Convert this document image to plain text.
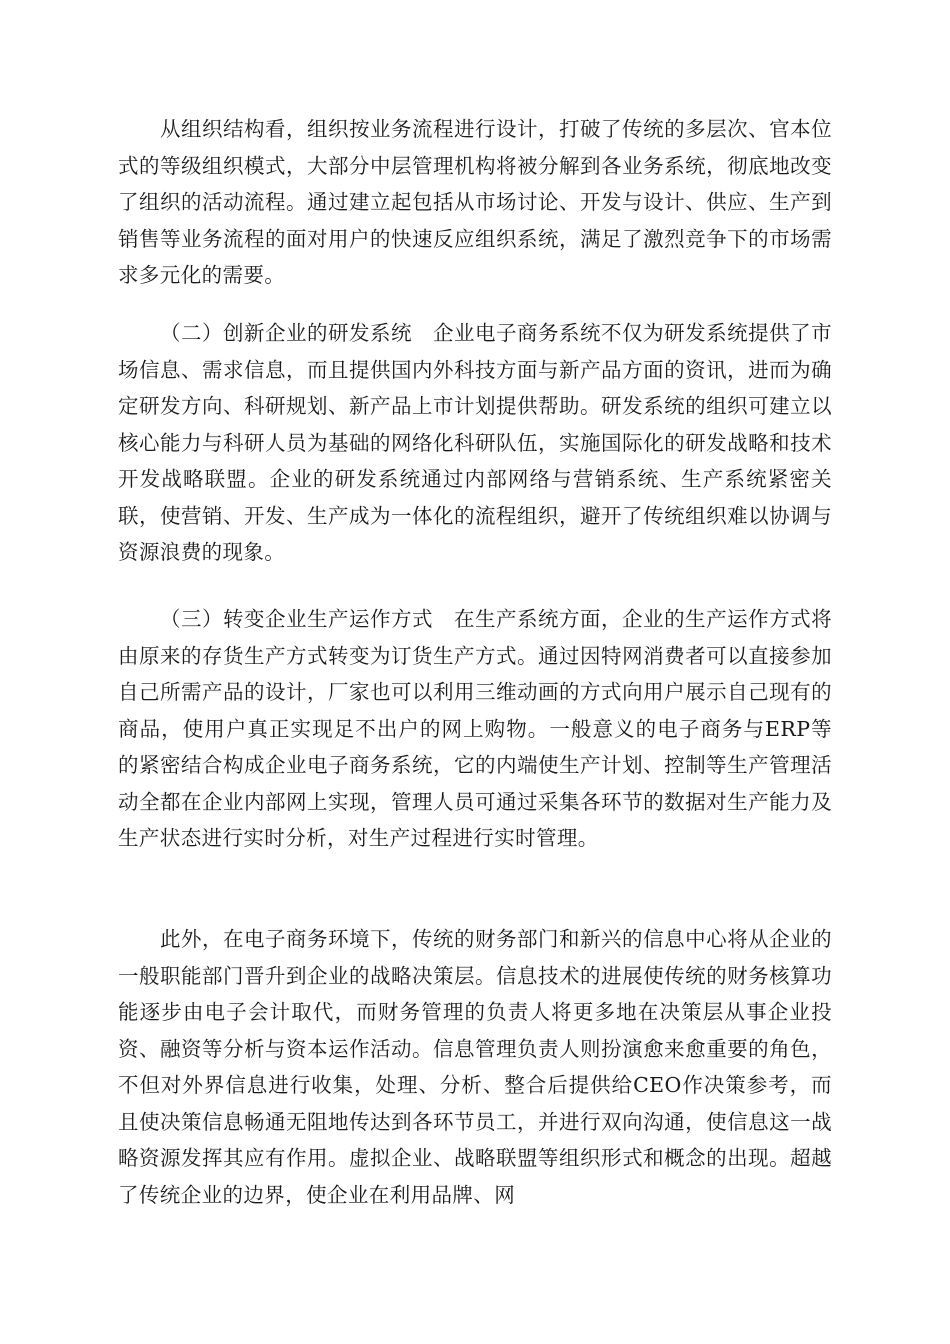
从组织结构看，组织按业务流程进行设计，打破了传统的多层次、官本位式的等级组织模式，大部分中层管理机构将被分解到各业务系统，彻底地改变了组织的活动流程。通过建立起包括从市场讨论、开发与设计、供应、生产到销售等业务流程的面对用户的快速反应组织系统，满足了激烈竞争下的市场需求多元化的需要。

（二）创新企业的研发系统　企业电子商务系统不仅为研发系统提供了市场信息、需求信息，而且提供国内外科技方面与新产品方面的资讯，进而为确定研发方向、科研规划、新产品上市计划提供帮助。研发系统的组织可建立以核心能力与科研人员为基础的网络化科研队伍，实施国际化的研发战略和技术开发战略联盟。企业的研发系统通过内部网络与营销系统、生产系统紧密关联，使营销、开发、生产成为一体化的流程组织，避开了传统组织难以协调与资源浪费的现象。

（三）转变企业生产运作方式　在生产系统方面，企业的生产运作方式将由原来的存货生产方式转变为订货生产方式。通过因特网消费者可以直接参加自己所需产品的设计，厂家也可以利用三维动画的方式向用户展示自己现有的商品，使用户真正实现足不出户的网上购物。一般意义的电子商务与ERP等的紧密结合构成企业电子商务系统，它的内端使生产计划、控制等生产管理活动全都在企业内部网上实现，管理人员可通过采集各环节的数据对生产能力及生产状态进行实时分析，对生产过程进行实时管理。

此外，在电子商务环境下，传统的财务部门和新兴的信息中心将从企业的一般职能部门晋升到企业的战略决策层。信息技术的进展使传统的财务核算功能逐步由电子会计取代，而财务管理的负责人将更多地在决策层从事企业投资、融资等分析与资本运作活动。信息管理负责人则扮演愈来愈重要的角色，不但对外界信息进行收集，处理、分析、整合后提供给CEO作决策参考，而且使决策信息畅通无阻地传达到各环节员工，并进行双向沟通，使信息这一战略资源发挥其应有作用。虚拟企业、战略联盟等组织形式和概念的出现。超越了传统企业的边界，使企业在利用品牌、网
